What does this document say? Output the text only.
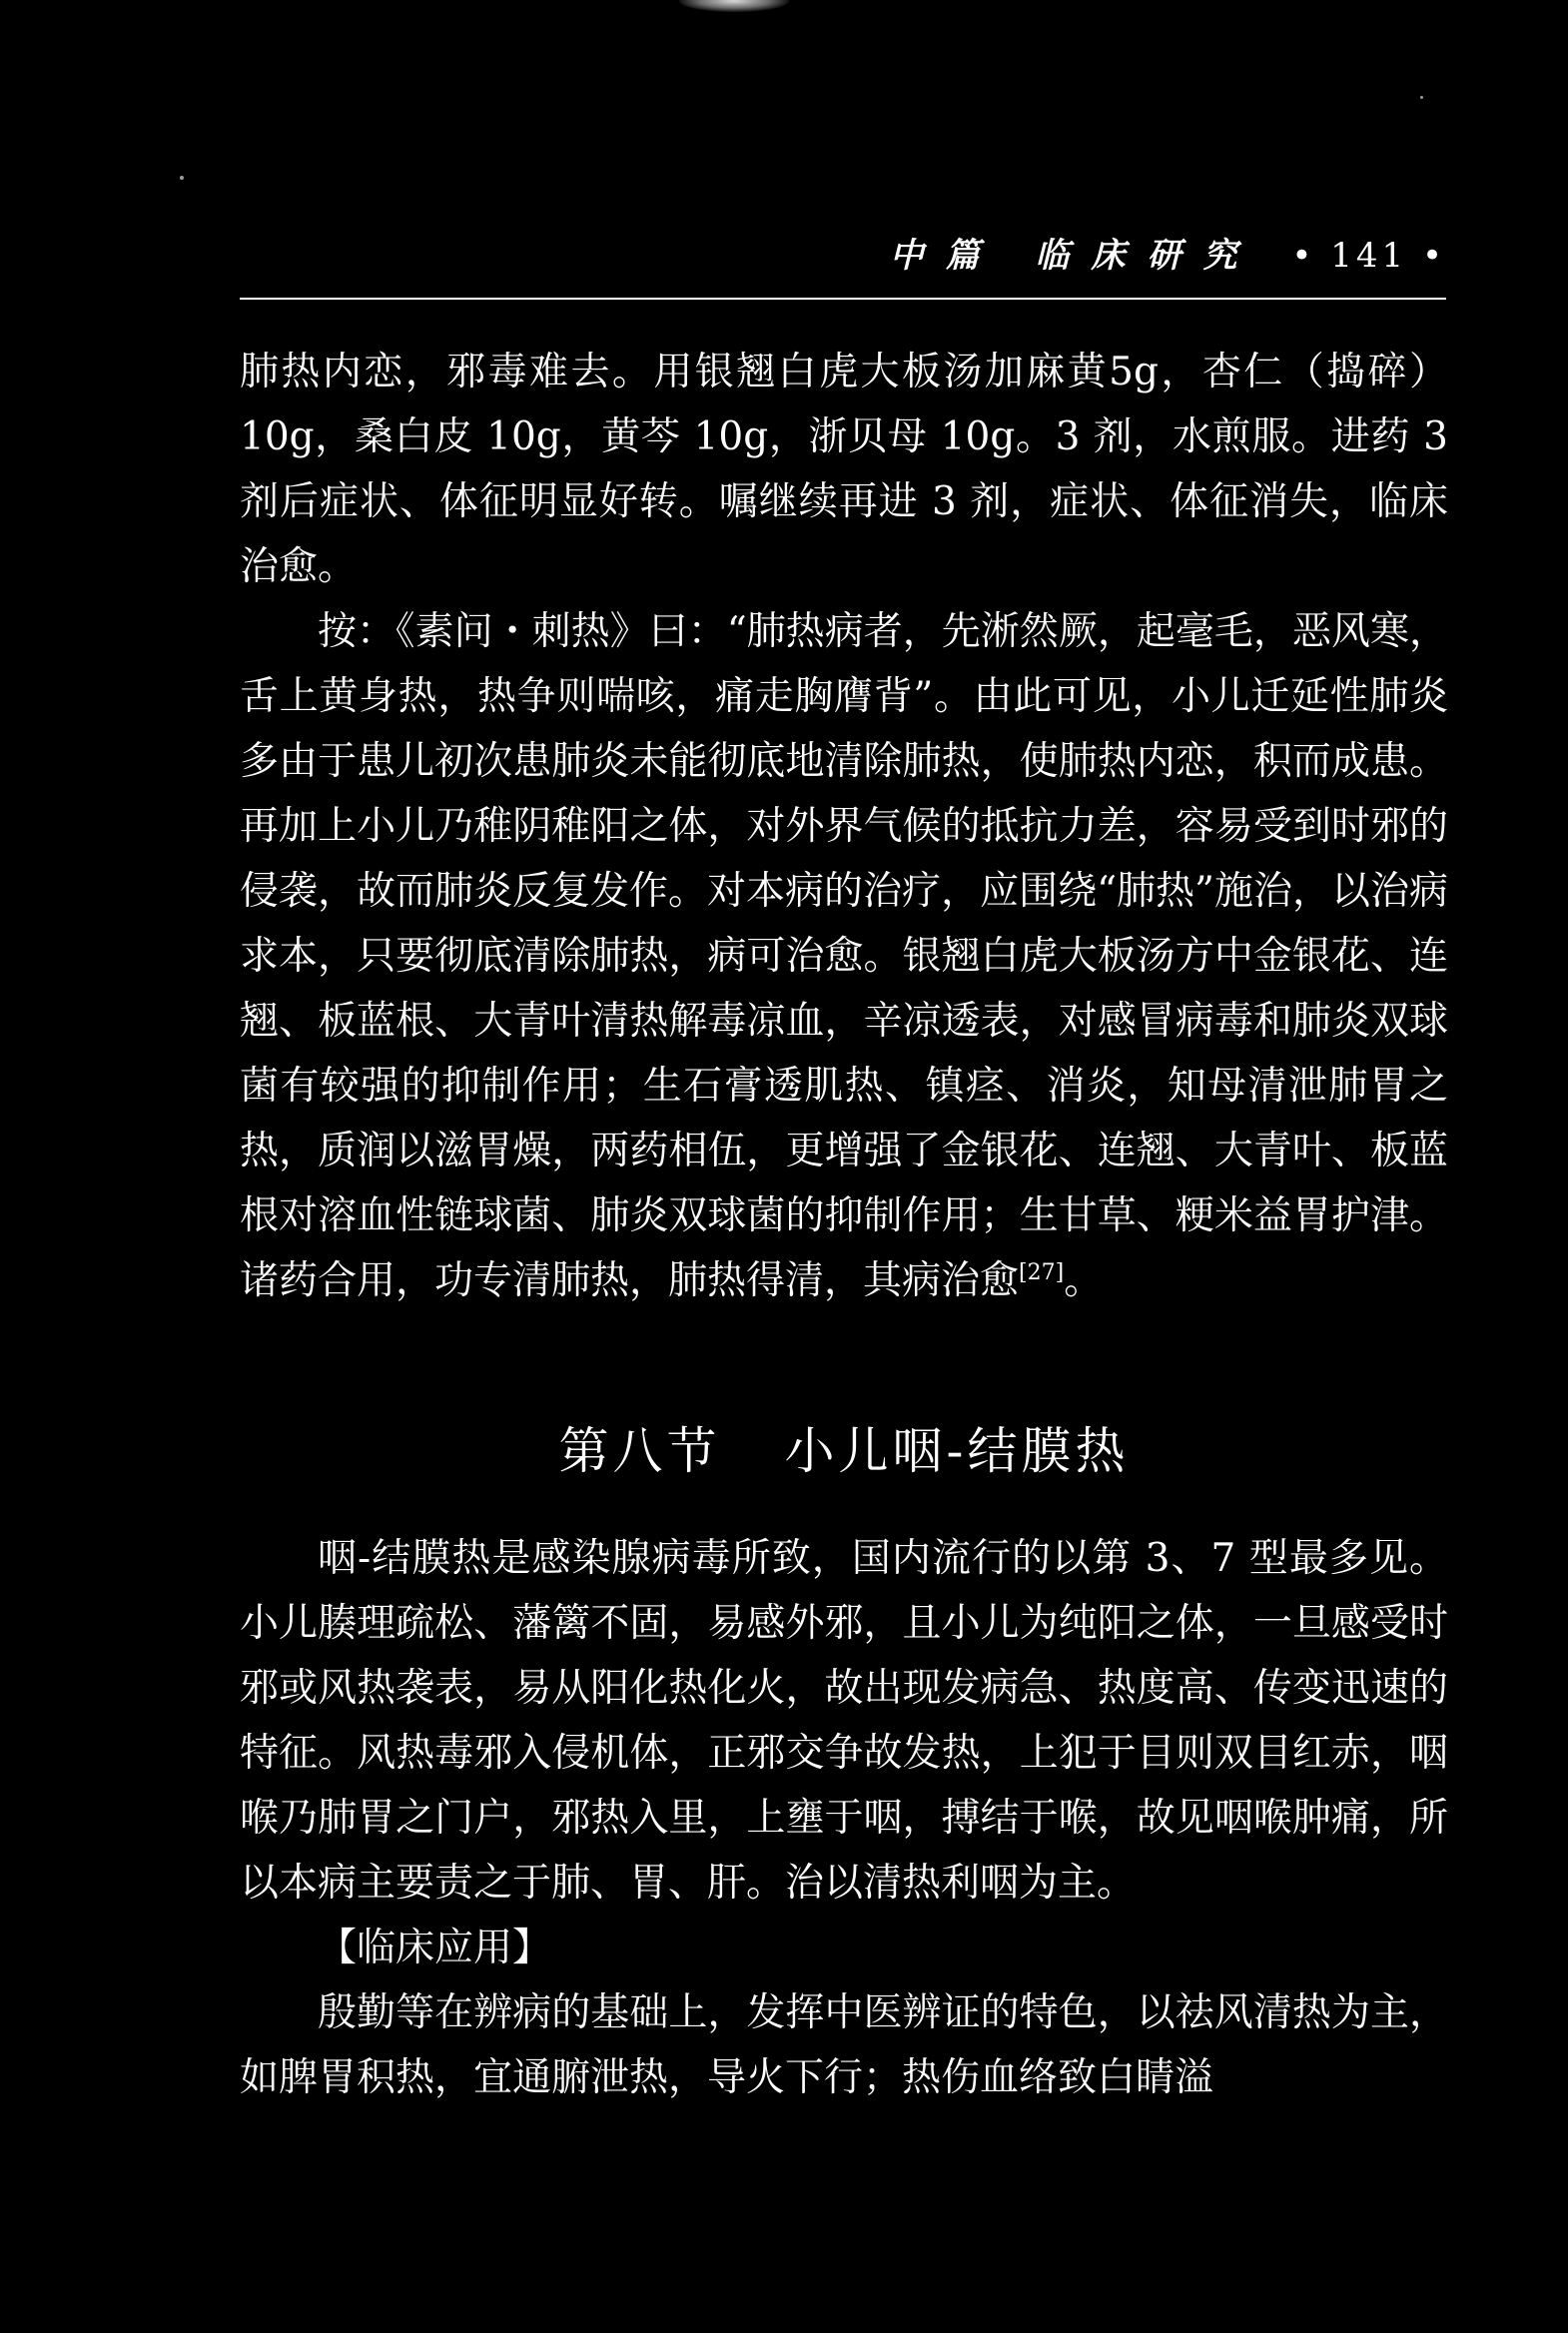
中篇 临床研究 • 141 •

肺热内恋，邪毒难去。用银翘白虎大板汤加麻黄5g，杏仁（捣碎）10g，桑白皮 10g，黄芩 10g，浙贝母 10g。3 剂，水煎服。进药 3 剂后症状、体征明显好转。嘱继续再进 3 剂，症状、体征消失，临床治愈。

按：《素问・刺热》曰：“肺热病者，先淅然厥，起毫毛，恶风寒，舌上黄身热，热争则喘咳，痛走胸膺背”。由此可见，小儿迁延性肺炎多由于患儿初次患肺炎未能彻底地清除肺热，使肺热内恋，积而成患。再加上小儿乃稚阴稚阳之体，对外界气候的抵抗力差，容易受到时邪的侵袭，故而肺炎反复发作。对本病的治疗，应围绕“肺热”施治，以治病求本，只要彻底清除肺热，病可治愈。银翘白虎大板汤方中金银花、连翘、板蓝根、大青叶清热解毒凉血，辛凉透表，对感冒病毒和肺炎双球菌有较强的抑制作用；生石膏透肌热、镇痉、消炎，知母清泄肺胃之热，质润以滋胃燥，两药相伍，更增强了金银花、连翘、大青叶、板蓝根对溶血性链球菌、肺炎双球菌的抑制作用；生甘草、粳米益胃护津。诸药合用，功专清肺热，肺热得清，其病治愈[27]。

第八节 小儿咽-结膜热

咽-结膜热是感染腺病毒所致，国内流行的以第 3、7 型最多见。小儿腠理疏松、藩篱不固，易感外邪，且小儿为纯阳之体，一旦感受时邪或风热袭表，易从阳化热化火，故出现发病急、热度高、传变迅速的特征。风热毒邪入侵机体，正邪交争故发热，上犯于目则双目红赤，咽喉乃肺胃之门户，邪热入里，上壅于咽，搏结于喉，故见咽喉肿痛，所以本病主要责之于肺、胃、肝。治以清热利咽为主。

【临床应用】

殷勤等在辨病的基础上，发挥中医辨证的特色，以祛风清热为主，如脾胃积热，宜通腑泄热，导火下行；热伤血络致白睛溢
